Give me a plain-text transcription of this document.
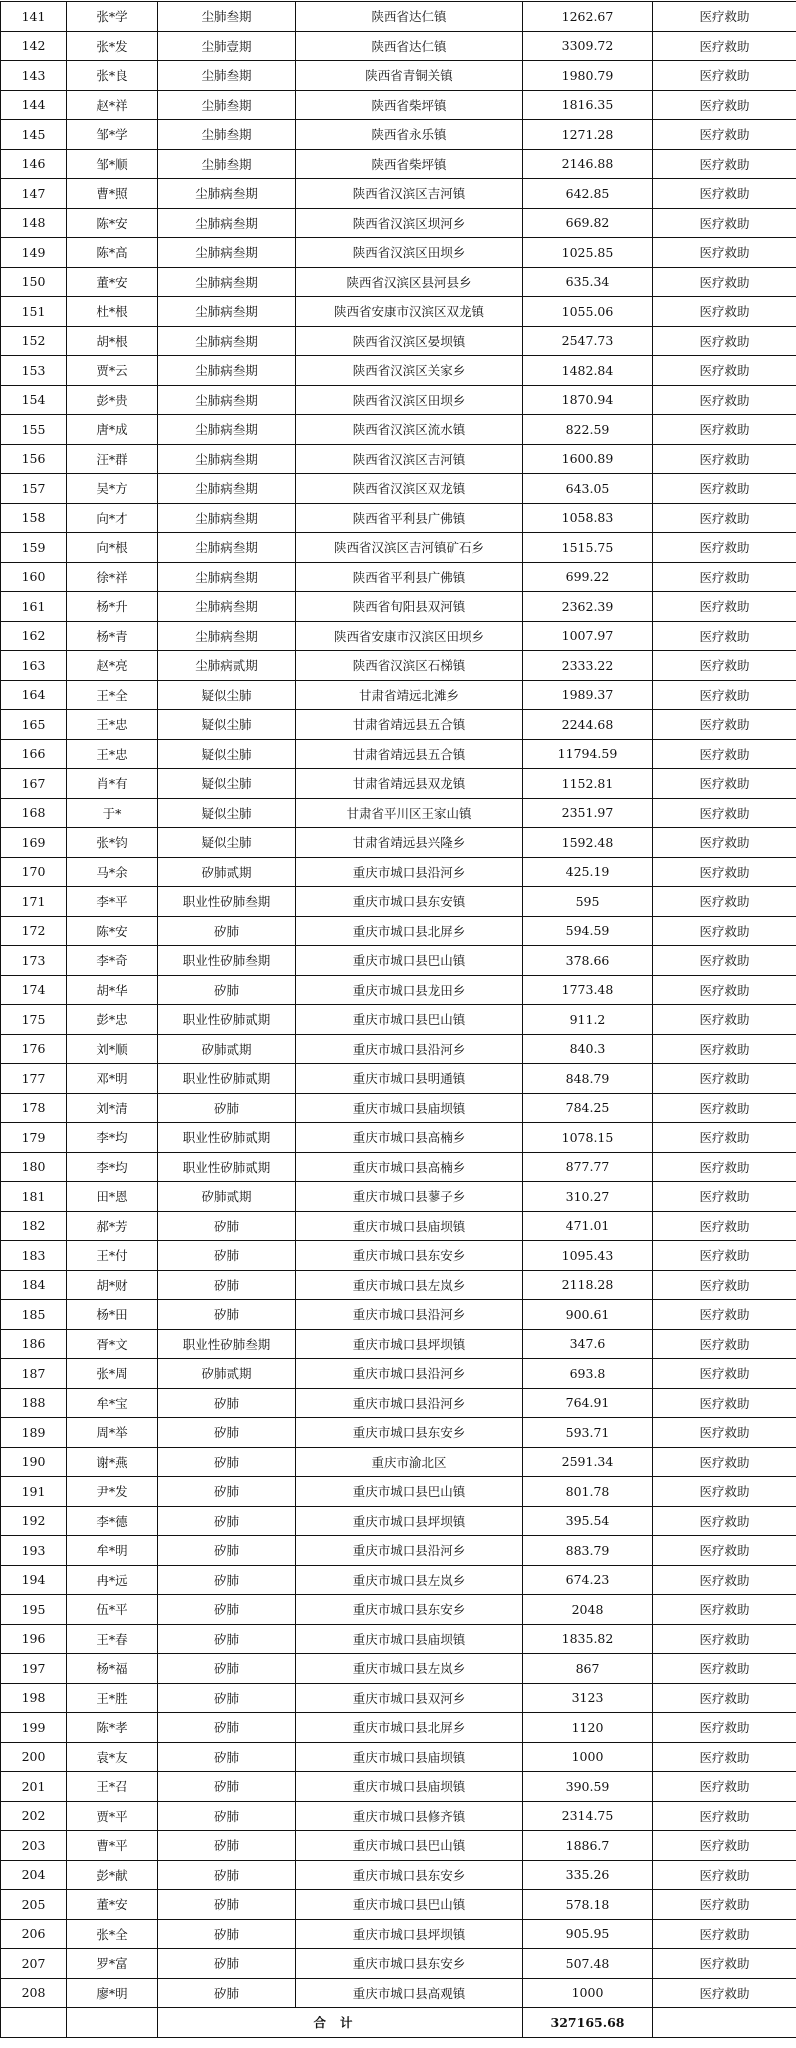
141	张*学	尘肺叁期	陕西省达仁镇	1262.67	医疗救助
142	张*发	尘肺壹期	陕西省达仁镇	3309.72	医疗救助
143	张*良	尘肺叁期	陕西省青铜关镇	1980.79	医疗救助
144	赵*祥	尘肺叁期	陕西省柴坪镇	1816.35	医疗救助
145	邹*学	尘肺叁期	陕西省永乐镇	1271.28	医疗救助
146	邹*顺	尘肺叁期	陕西省柴坪镇	2146.88	医疗救助
147	曹*照	尘肺病叁期	陕西省汉滨区吉河镇	642.85	医疗救助
148	陈*安	尘肺病叁期	陕西省汉滨区坝河乡	669.82	医疗救助
149	陈*高	尘肺病叁期	陕西省汉滨区田坝乡	1025.85	医疗救助
150	董*安	尘肺病叁期	陕西省汉滨区县河县乡	635.34	医疗救助
151	杜*根	尘肺病叁期	陕西省安康市汉滨区双龙镇	1055.06	医疗救助
152	胡*根	尘肺病叁期	陕西省汉滨区晏坝镇	2547.73	医疗救助
153	贾*云	尘肺病叁期	陕西省汉滨区关家乡	1482.84	医疗救助
154	彭*贵	尘肺病叁期	陕西省汉滨区田坝乡	1870.94	医疗救助
155	唐*成	尘肺病叁期	陕西省汉滨区流水镇	822.59	医疗救助
156	汪*群	尘肺病叁期	陕西省汉滨区吉河镇	1600.89	医疗救助
157	吴*方	尘肺病叁期	陕西省汉滨区双龙镇	643.05	医疗救助
158	向*才	尘肺病叁期	陕西省平利县广佛镇	1058.83	医疗救助
159	向*根	尘肺病叁期	陕西省汉滨区吉河镇矿石乡	1515.75	医疗救助
160	徐*祥	尘肺病叁期	陕西省平利县广佛镇	699.22	医疗救助
161	杨*升	尘肺病叁期	陕西省旬阳县双河镇	2362.39	医疗救助
162	杨*青	尘肺病叁期	陕西省安康市汉滨区田坝乡	1007.97	医疗救助
163	赵*亮	尘肺病贰期	陕西省汉滨区石梯镇	2333.22	医疗救助
164	王*全	疑似尘肺	甘肃省靖远北滩乡	1989.37	医疗救助
165	王*忠	疑似尘肺	甘肃省靖远县五合镇	2244.68	医疗救助
166	王*忠	疑似尘肺	甘肃省靖远县五合镇	11794.59	医疗救助
167	肖*有	疑似尘肺	甘肃省靖远县双龙镇	1152.81	医疗救助
168	于*	疑似尘肺	甘肃省平川区王家山镇	2351.97	医疗救助
169	张*钧	疑似尘肺	甘肃省靖远县兴隆乡	1592.48	医疗救助
170	马*余	矽肺贰期	重庆市城口县沿河乡	425.19	医疗救助
171	李*平	职业性矽肺叁期	重庆市城口县东安镇	595	医疗救助
172	陈*安	矽肺	重庆市城口县北屏乡	594.59	医疗救助
173	李*奇	职业性矽肺叁期	重庆市城口县巴山镇	378.66	医疗救助
174	胡*华	矽肺	重庆市城口县龙田乡	1773.48	医疗救助
175	彭*忠	职业性矽肺贰期	重庆市城口县巴山镇	911.2	医疗救助
176	刘*顺	矽肺贰期	重庆市城口县沿河乡	840.3	医疗救助
177	邓*明	职业性矽肺贰期	重庆市城口县明通镇	848.79	医疗救助
178	刘*清	矽肺	重庆市城口县庙坝镇	784.25	医疗救助
179	李*均	职业性矽肺贰期	重庆市城口县高楠乡	1078.15	医疗救助
180	李*均	职业性矽肺贰期	重庆市城口县高楠乡	877.77	医疗救助
181	田*恩	矽肺贰期	重庆市城口县蓼子乡	310.27	医疗救助
182	郝*芳	矽肺	重庆市城口县庙坝镇	471.01	医疗救助
183	王*付	矽肺	重庆市城口县东安乡	1095.43	医疗救助
184	胡*财	矽肺	重庆市城口县左岚乡	2118.28	医疗救助
185	杨*田	矽肺	重庆市城口县沿河乡	900.61	医疗救助
186	胥*文	职业性矽肺叁期	重庆市城口县坪坝镇	347.6	医疗救助
187	张*周	矽肺贰期	重庆市城口县沿河乡	693.8	医疗救助
188	牟*宝	矽肺	重庆市城口县沿河乡	764.91	医疗救助
189	周*举	矽肺	重庆市城口县东安乡	593.71	医疗救助
190	谢*燕	矽肺	重庆市渝北区	2591.34	医疗救助
191	尹*发	矽肺	重庆市城口县巴山镇	801.78	医疗救助
192	李*德	矽肺	重庆市城口县坪坝镇	395.54	医疗救助
193	牟*明	矽肺	重庆市城口县沿河乡	883.79	医疗救助
194	冉*远	矽肺	重庆市城口县左岚乡	674.23	医疗救助
195	伍*平	矽肺	重庆市城口县东安乡	2048	医疗救助
196	王*春	矽肺	重庆市城口县庙坝镇	1835.82	医疗救助
197	杨*福	矽肺	重庆市城口县左岚乡	867	医疗救助
198	王*胜	矽肺	重庆市城口县双河乡	3123	医疗救助
199	陈*孝	矽肺	重庆市城口县北屏乡	1120	医疗救助
200	袁*友	矽肺	重庆市城口县庙坝镇	1000	医疗救助
201	王*召	矽肺	重庆市城口县庙坝镇	390.59	医疗救助
202	贾*平	矽肺	重庆市城口县修齐镇	2314.75	医疗救助
203	曹*平	矽肺	重庆市城口县巴山镇	1886.7	医疗救助
204	彭*献	矽肺	重庆市城口县东安乡	335.26	医疗救助
205	董*安	矽肺	重庆市城口县巴山镇	578.18	医疗救助
206	张*全	矽肺	重庆市城口县坪坝镇	905.95	医疗救助
207	罗*富	矽肺	重庆市城口县东安乡	507.48	医疗救助
208	廖*明	矽肺	重庆市城口县高观镇	1000	医疗救助
		合计		327165.68	
